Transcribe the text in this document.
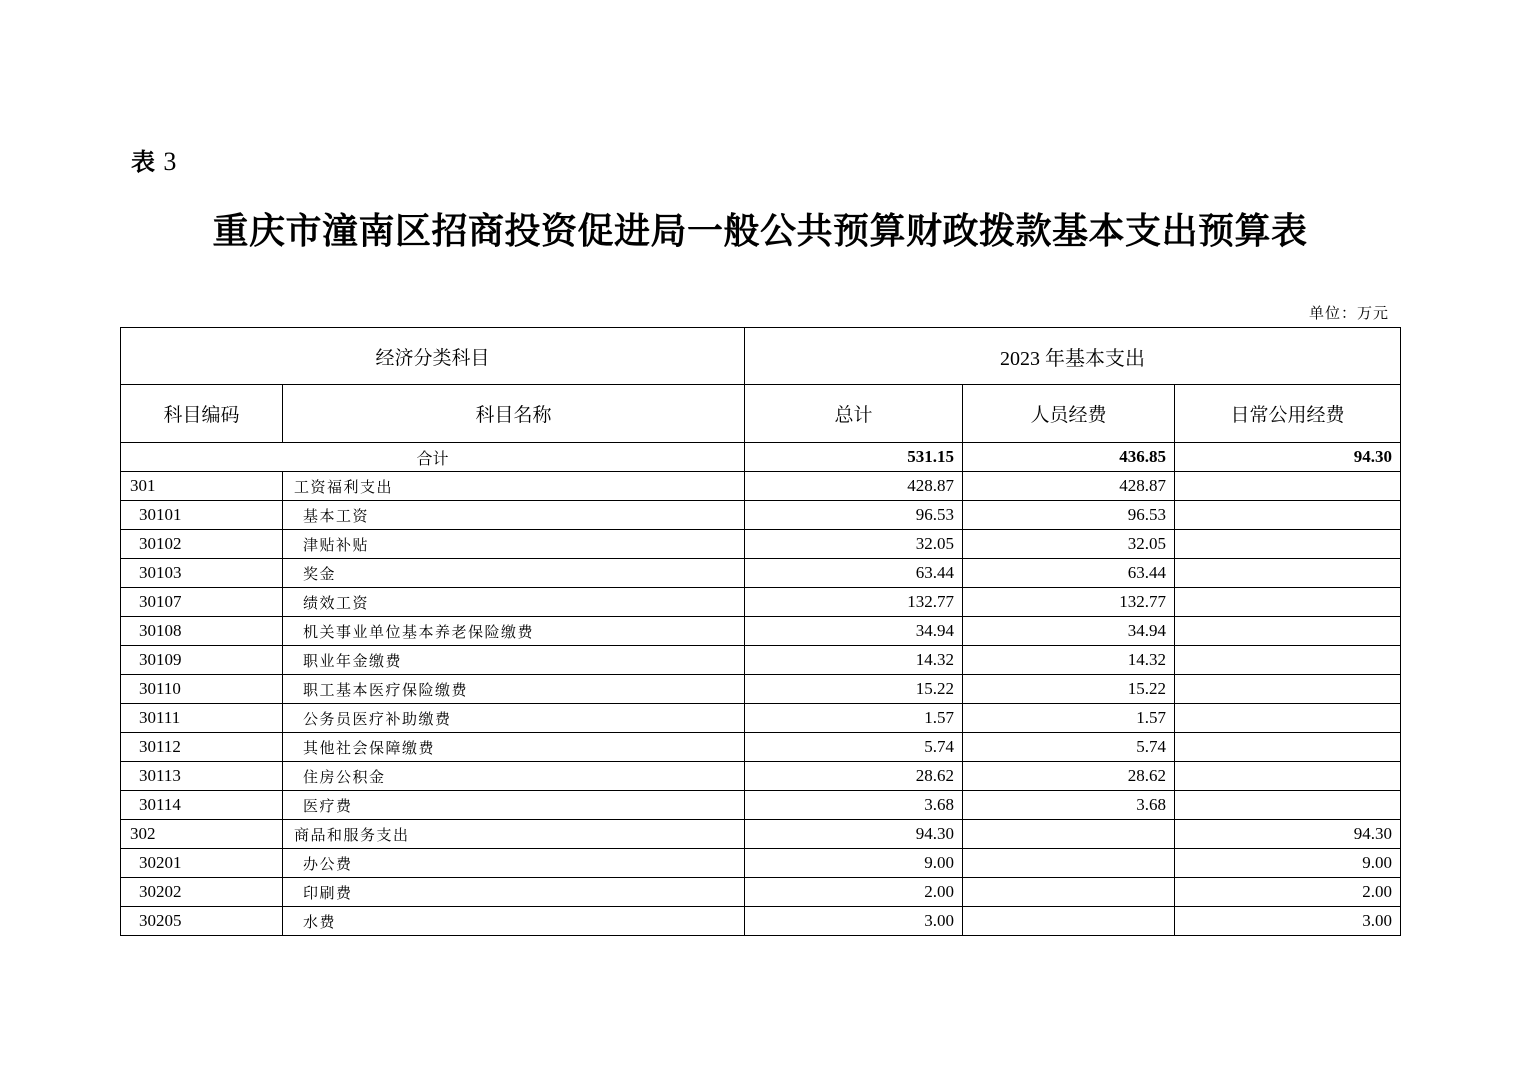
表 3
重庆市潼南区招商投资促进局一般公共预算财政拨款基本支出预算表
单位：万元
经济分类科目		2023 年基本支出		
科目编码	科目名称	总计	人员经费	日常公用经费
合计		531.15	436.85	94.30
301	工资福利支出	428.87	428.87	
30101	基本工资	96.53	96.53	
30102	津贴补贴	32.05	32.05	
30103	奖金	63.44	63.44	
30107	绩效工资	132.77	132.77	
30108	机关事业单位基本养老保险缴费	34.94	34.94	
30109	职业年金缴费	14.32	14.32	
30110	职工基本医疗保险缴费	15.22	15.22	
30111	公务员医疗补助缴费	1.57	1.57	
30112	其他社会保障缴费	5.74	5.74	
30113	住房公积金	28.62	28.62	
30114	医疗费	3.68	3.68	
302	商品和服务支出	94.30		94.30
30201	办公费	9.00		9.00
30202	印刷费	2.00		2.00
30205	水费	3.00		3.00
